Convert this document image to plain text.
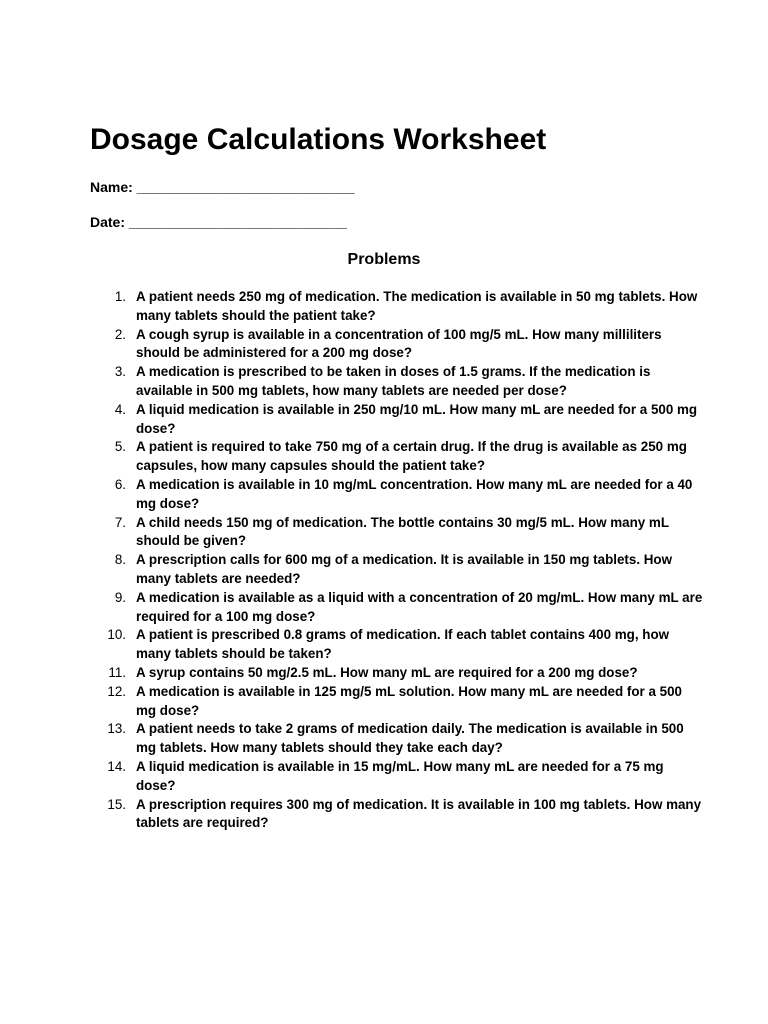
Dosage Calculations Worksheet
Name: ____________________________
Date: ____________________________
Problems
1. A patient needs 250 mg of medication. The medication is available in 50 mg tablets. How many tablets should the patient take?
2. A cough syrup is available in a concentration of 100 mg/5 mL. How many milliliters should be administered for a 200 mg dose?
3. A medication is prescribed to be taken in doses of 1.5 grams. If the medication is available in 500 mg tablets, how many tablets are needed per dose?
4. A liquid medication is available in 250 mg/10 mL. How many mL are needed for a 500 mg dose?
5. A patient is required to take 750 mg of a certain drug. If the drug is available as 250 mg capsules, how many capsules should the patient take?
6. A medication is available in 10 mg/mL concentration. How many mL are needed for a 40 mg dose?
7. A child needs 150 mg of medication. The bottle contains 30 mg/5 mL. How many mL should be given?
8. A prescription calls for 600 mg of a medication. It is available in 150 mg tablets. How many tablets are needed?
9. A medication is available as a liquid with a concentration of 20 mg/mL. How many mL are required for a 100 mg dose?
10. A patient is prescribed 0.8 grams of medication. If each tablet contains 400 mg, how many tablets should be taken?
11. A syrup contains 50 mg/2.5 mL. How many mL are required for a 200 mg dose?
12. A medication is available in 125 mg/5 mL solution. How many mL are needed for a 500 mg dose?
13. A patient needs to take 2 grams of medication daily. The medication is available in 500 mg tablets. How many tablets should they take each day?
14. A liquid medication is available in 15 mg/mL. How many mL are needed for a 75 mg dose?
15. A prescription requires 300 mg of medication. It is available in 100 mg tablets. How many tablets are required?
